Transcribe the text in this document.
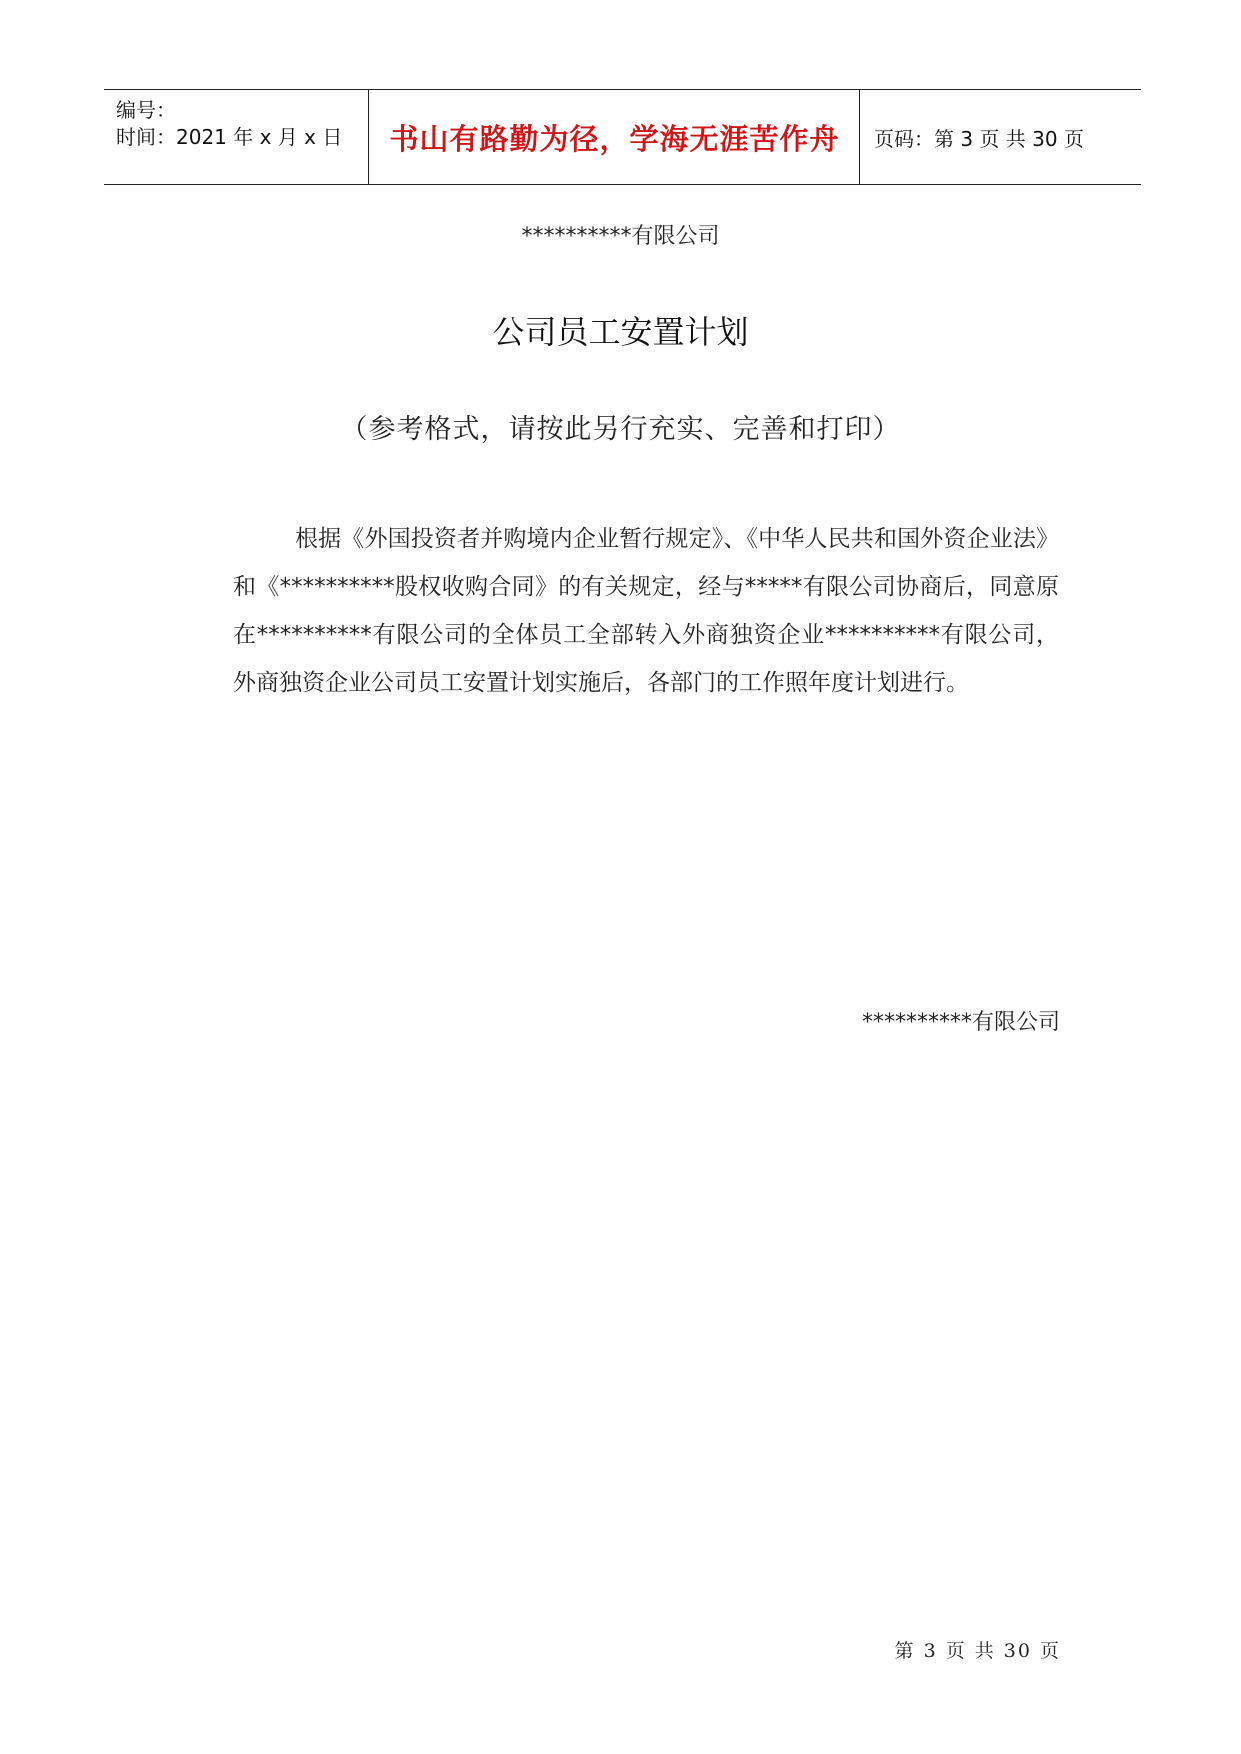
编号：
时间：2021 年 x 月 x 日	书山有路勤为径，学海无涯苦作舟	页码：第 3 页 共 30 页
**********有限公司
公司员工安置计划
（参考格式，请按此另行充实、完善和打印）
根据《外国投资者并购境内企业暂行规定》、《中华人民共和国外资企业法》和《**********股权收购合同》的有关规定，经与*****有限公司协商后，同意原在**********有限公司的全体员工全部转入外商独资企业**********有限公司，外商独资企业公司员工安置计划实施后，各部门的工作照年度计划进行。
**********有限公司
第 3 页 共 30 页
